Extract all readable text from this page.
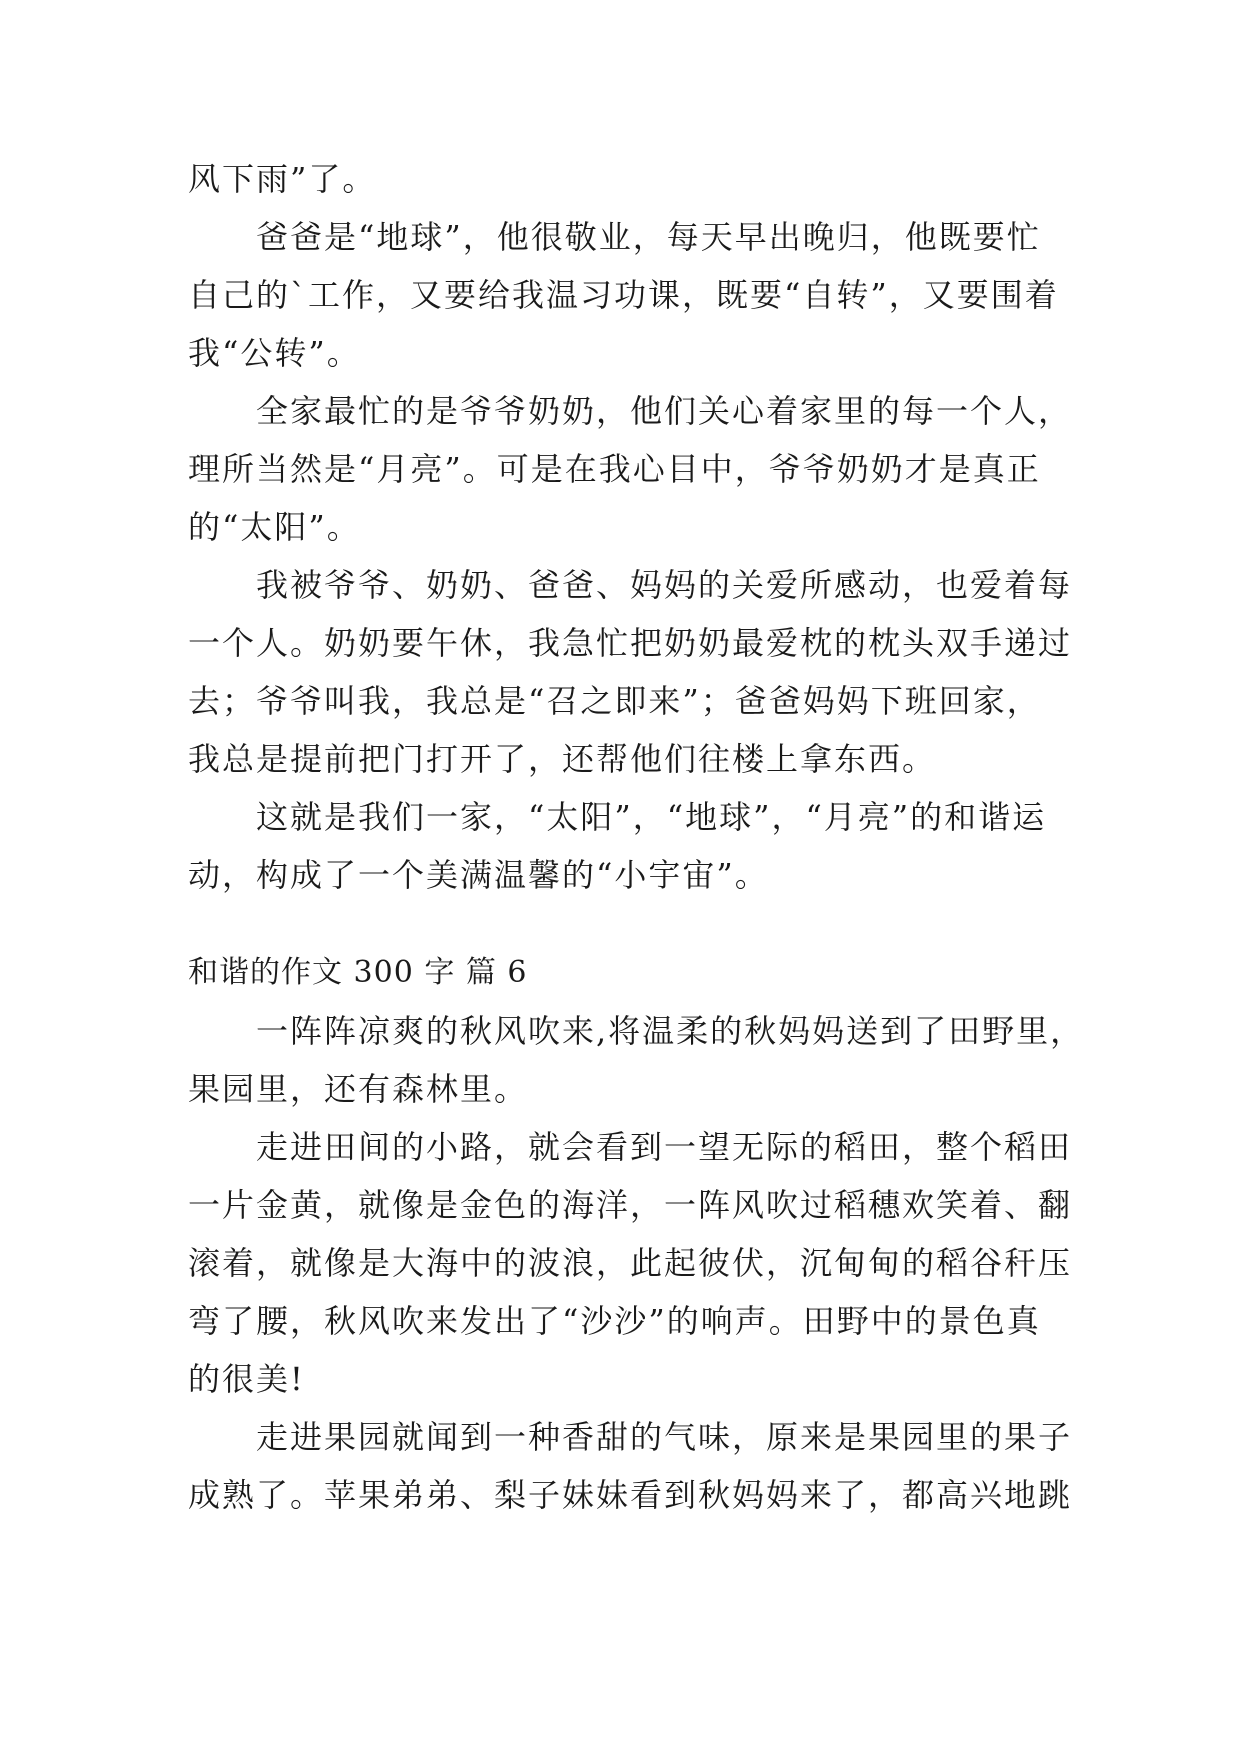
风下雨”了。
爸爸是“地球”，他很敬业，每天早出晚归，他既要忙
自己的`工作，又要给我温习功课，既要“自转”，又要围着
我“公转”。
全家最忙的是爷爷奶奶，他们关心着家里的每一个人，
理所当然是“月亮”。可是在我心目中，爷爷奶奶才是真正
的“太阳”。
我被爷爷、奶奶、爸爸、妈妈的关爱所感动，也爱着每
一个人。奶奶要午休，我急忙把奶奶最爱枕的枕头双手递过
去；爷爷叫我，我总是“召之即来”；爸爸妈妈下班回家，
我总是提前把门打开了，还帮他们往楼上拿东西。
这就是我们一家，“太阳”，“地球”，“月亮”的和谐运
动，构成了一个美满温馨的“小宇宙”。
和谐的作文 300 字 篇 6
一阵阵凉爽的秋风吹来,将温柔的秋妈妈送到了田野里，
果园里，还有森林里。
走进田间的小路，就会看到一望无际的稻田，整个稻田
一片金黄，就像是金色的海洋，一阵风吹过稻穗欢笑着、翻
滚着，就像是大海中的波浪，此起彼伏，沉甸甸的稻谷秆压
弯了腰，秋风吹来发出了“沙沙”的响声。田野中的景色真
的很美!
走进果园就闻到一种香甜的气味，原来是果园里的果子
成熟了。苹果弟弟、梨子妹妹看到秋妈妈来了，都高兴地跳
